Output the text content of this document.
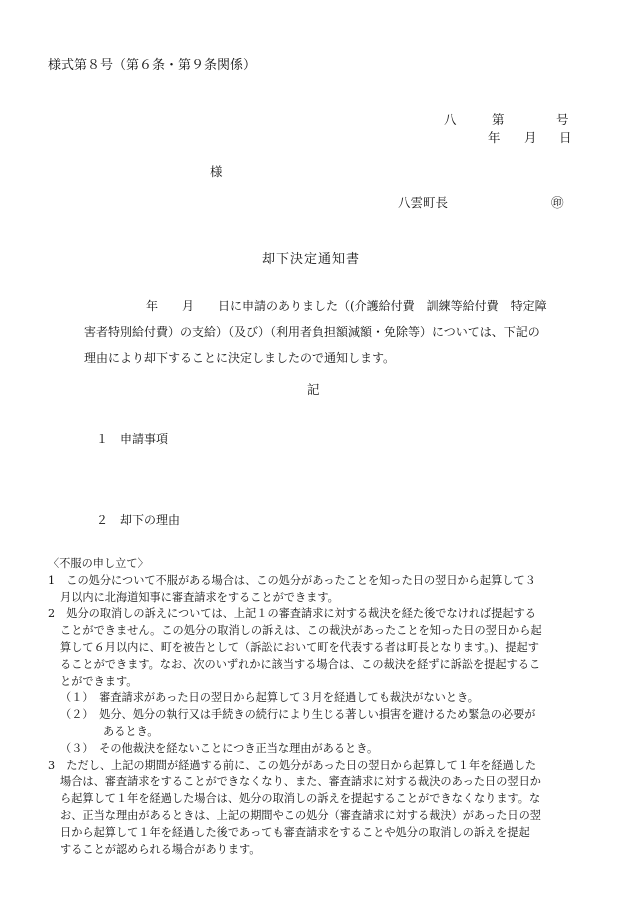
様式第８号（第６条・第９条関係）
八	第	号
年 月 日
様
八雲町長	㊞
却下決定通知書
年　　月　　日に申請のありました（(介護給付費　訓練等給付費　特定障
害者特別給付費）の支給）（及び）（利用者負担額減額・免除等）については、下記の
理由により却下することに決定しましたので通知します。
記
１ 申請事項
２ 却下の理由
〈不服の申し立て〉
1　この処分について不服がある場合は、この処分があったことを知った日の翌日から起算して３
月以内に北海道知事に審査請求をすることができます。
2　処分の取消しの訴えについては、上記１の審査請求に対する裁決を経た後でなければ提起する
ことができません。この処分の取消しの訴えは、この裁決があったことを知った日の翌日から起
算して６月以内に、町を被告として（訴訟において町を代表する者は町長となります。)、提起す
ることができます。なお、次のいずれかに該当する場合は、この裁決を経ずに訴訟を提起するこ
とができます。
（１）　審査請求があった日の翌日から起算して３月を経過しても裁決がないとき。
（２）　処分、処分の執行又は手続きの続行により生じる著しい損害を避けるため緊急の必要が
あるとき。
（３）　その他裁決を経ないことにつき正当な理由があるとき。
3　ただし、上記の期間が経過する前に、この処分があった日の翌日から起算して１年を経過した
場合は、審査請求をすることができなくなり、また、審査請求に対する裁決のあった日の翌日か
ら起算して１年を経過した場合は、処分の取消しの訴えを提起することができなくなります。な
お、正当な理由があるときは、上記の期間やこの処分（審査請求に対する裁決）があった日の翌
日から起算して１年を経過した後であっても審査請求をすることや処分の取消しの訴えを提起
することが認められる場合があります。
